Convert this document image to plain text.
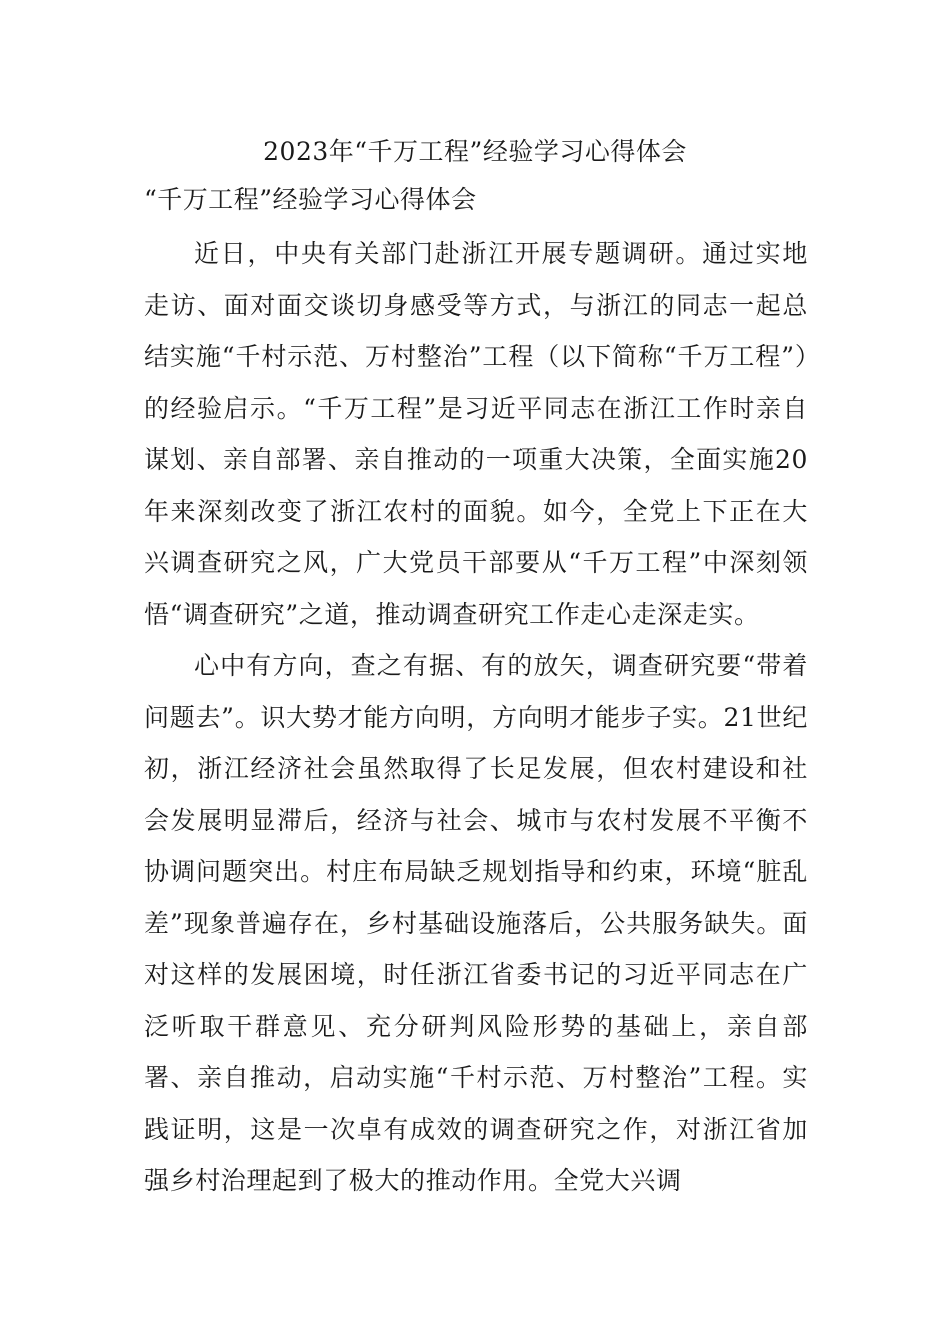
2023年“千万工程”经验学习心得体会
“千万工程”经验学习心得体会

近日，中央有关部门赴浙江开展专题调研。通过实地走访、面对面交谈切身感受等方式，与浙江的同志一起总结实施“千村示范、万村整治”工程（以下简称“千万工程”）的经验启示。“千万工程”是习近平同志在浙江工作时亲自谋划、亲自部署、亲自推动的一项重大决策，全面实施20年来深刻改变了浙江农村的面貌。如今，全党上下正在大兴调查研究之风，广大党员干部要从“千万工程”中深刻领悟“调查研究”之道，推动调查研究工作走心走深走实。

心中有方向，查之有据、有的放矢，调查研究要“带着问题去”。识大势才能方向明，方向明才能步子实。21世纪初，浙江经济社会虽然取得了长足发展，但农村建设和社会发展明显滞后，经济与社会、城市与农村发展不平衡不协调问题突出。村庄布局缺乏规划指导和约束，环境“脏乱差”现象普遍存在，乡村基础设施落后，公共服务缺失。面对这样的发展困境，时任浙江省委书记的习近平同志在广泛听取干群意见、充分研判风险形势的基础上，亲自部署、亲自推动，启动实施“千村示范、万村整治”工程。实践证明，这是一次卓有成效的调查研究之作，对浙江省加强乡村治理起到了极大的推动作用。全党大兴调
